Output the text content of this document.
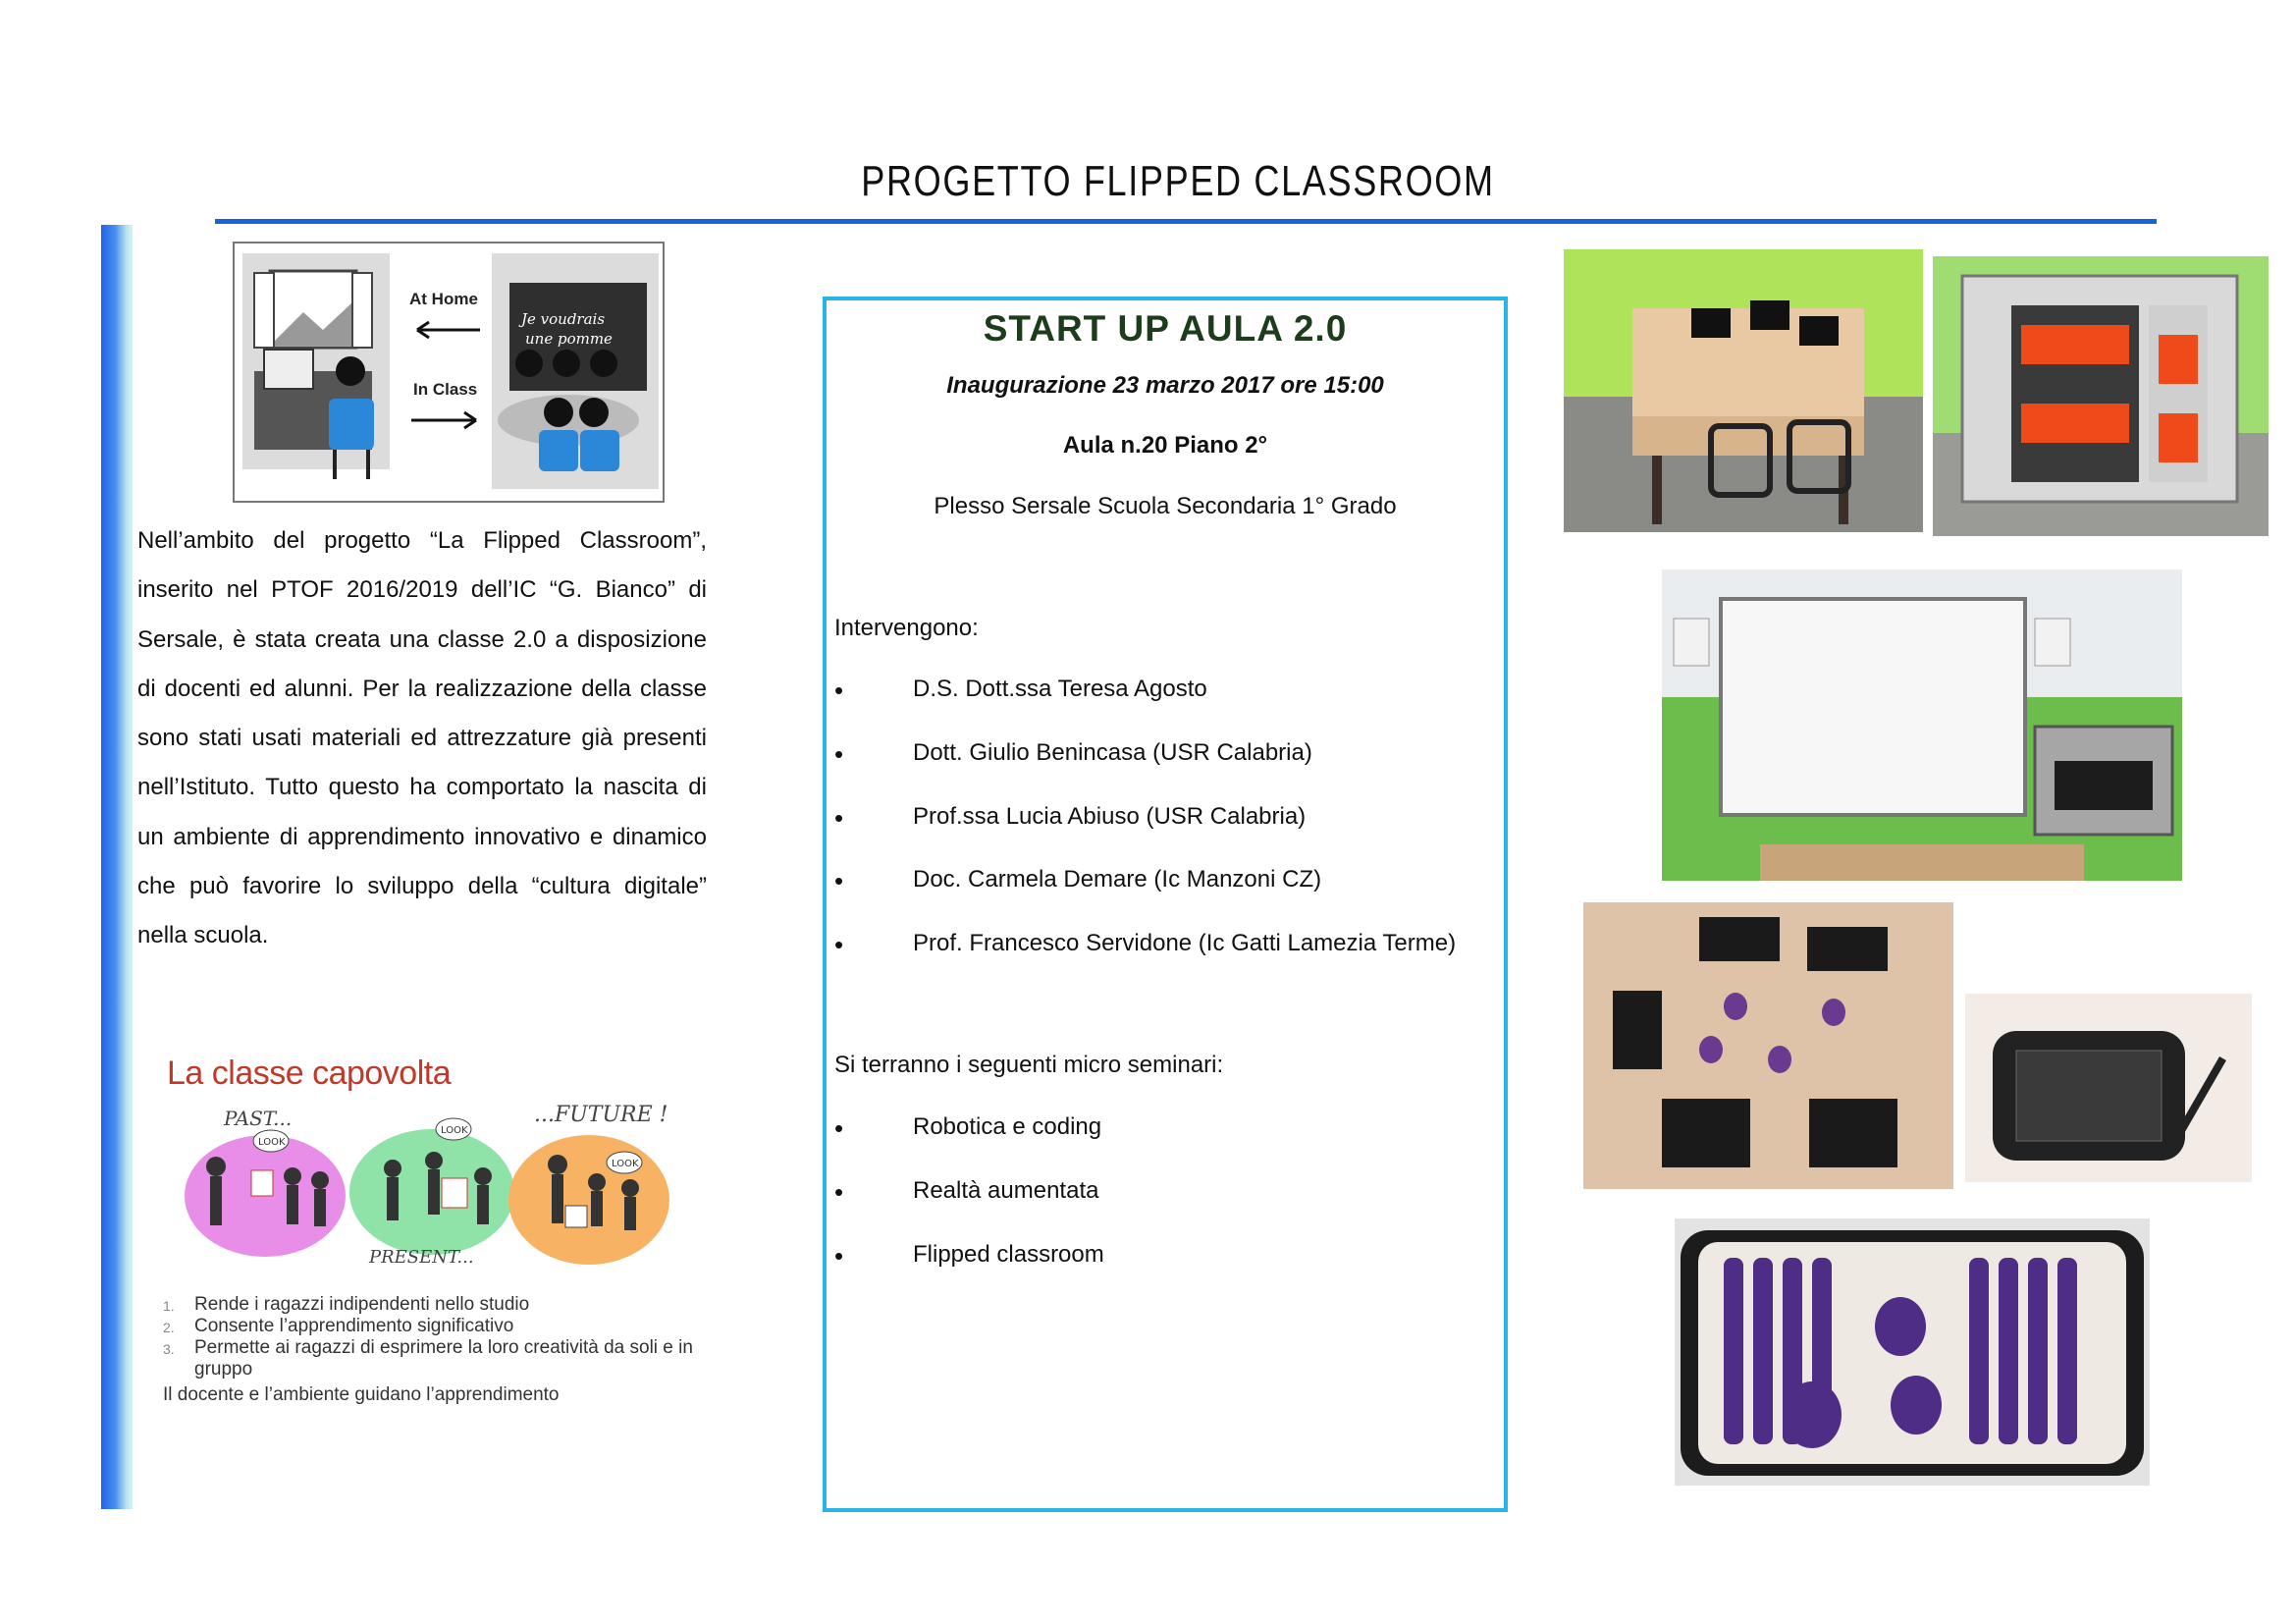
PROGETTO FLIPPED CLASSROOM
At Home
In Class
Je voudrais
une pomme
Nell’ambito del progetto “La Flipped Classroom”, inserito nel PTOF 2016/2019 dell’IC “G. Bianco” di Sersale, è stata creata una classe 2.0 a disposizione di docenti ed alunni. Per la realizzazione della classe sono stati usati materiali ed attrezzature già presenti nell’Istituto. Tutto questo ha comportato la nascita di un ambiente di apprendimento innovativo e dinamico che può favorire lo sviluppo della “cultura digitale” nella scuola.
La classe capovolta
PAST...	...FUTURE !
PRESENT...
LOOK
LOOK
LOOK
1. Rende i ragazzi indipendenti nello studio
2. Consente l’apprendimento significativo
3. Permette ai ragazzi di esprimere la loro creatività da soli e in gruppo
Il docente e l’ambiente guidano l’apprendimento
START UP AULA 2.0
Inaugurazione 23 marzo 2017 ore 15:00
Aula n.20 Piano 2°
Plesso Sersale Scuola Secondaria 1° Grado
Intervengono:
•	D.S. Dott.ssa Teresa Agosto
•	Dott. Giulio Benincasa (USR Calabria)
•	Prof.ssa Lucia Abiuso (USR Calabria)
•	Doc. Carmela Demare (Ic Manzoni CZ)
•	Prof. Francesco Servidone (Ic Gatti Lamezia Terme)
Si terranno i seguenti micro seminari:
•	Robotica e coding
•	Realtà aumentata
•	Flipped classroom
